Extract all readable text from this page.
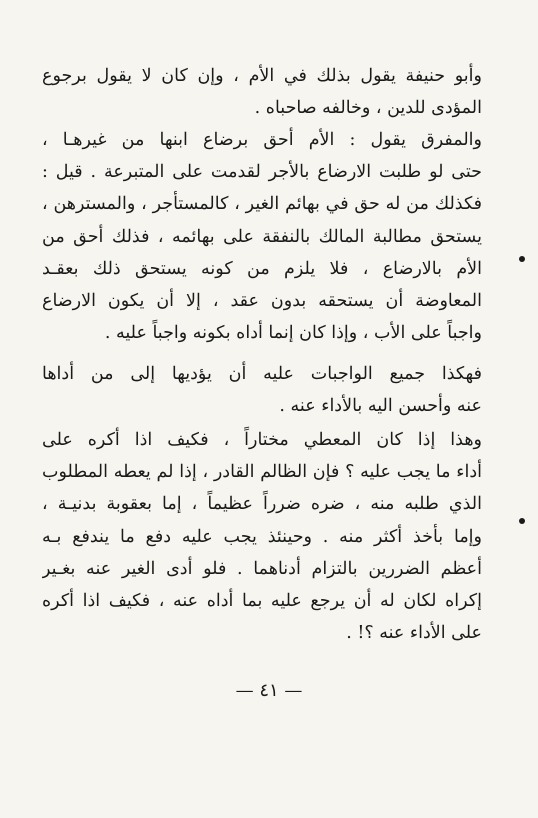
وأبو حنيفة يقول بذلك في الأم ، وإن كان لا يقول برجوع
المؤدى للدين ، وخالفه صاحباه .
والمفرق يقول : الأم أحق برضاع ابنها من غيرهـا ،
حتى لو طلبت الارضاع بالأجر لقدمت على المتبرعة . قيل :
فكذلك من له حق في بهائم الغير ، كالمستأجر ، والمسترهن ،
يستحق مطالبة المالك بالنفقة على بهائمه ، فذلك أحق من
الأم بالارضاع ، فلا يلزم من كونه يستحق ذلك بعقـد
المعاوضة أن يستحقه بدون عقد ، إلا أن يكون الارضاع
واجباً على الأب ، وإذا كان إنما أداه بكونه واجباً عليه .
فهكذا جميع الواجبات عليه أن يؤديها إلى من أداها
عنه وأحسن اليه بالأداء عنه .
وهذا إذا كان المعطي مختاراً ، فكيف اذا أكره على
أداء ما يجب عليه ؟ فإن الظالم القادر ، إذا لم يعطه المطلوب
الذي طلبه منه ، ضره ضرراً عظيماً ، إما بعقوبة بدنيـة ،
وإما بأخذ أكثر منه . وحينئذ يجب عليه دفع ما يندفع بـه
أعظم الضررين بالتزام أدناهما . فلو أدى الغير عنه بغـير
إكراه لكان له أن يرجع عليه بما أداه عنه ، فكيف اذا أكره
على الأداء عنه ؟! .
— ٤١ —
